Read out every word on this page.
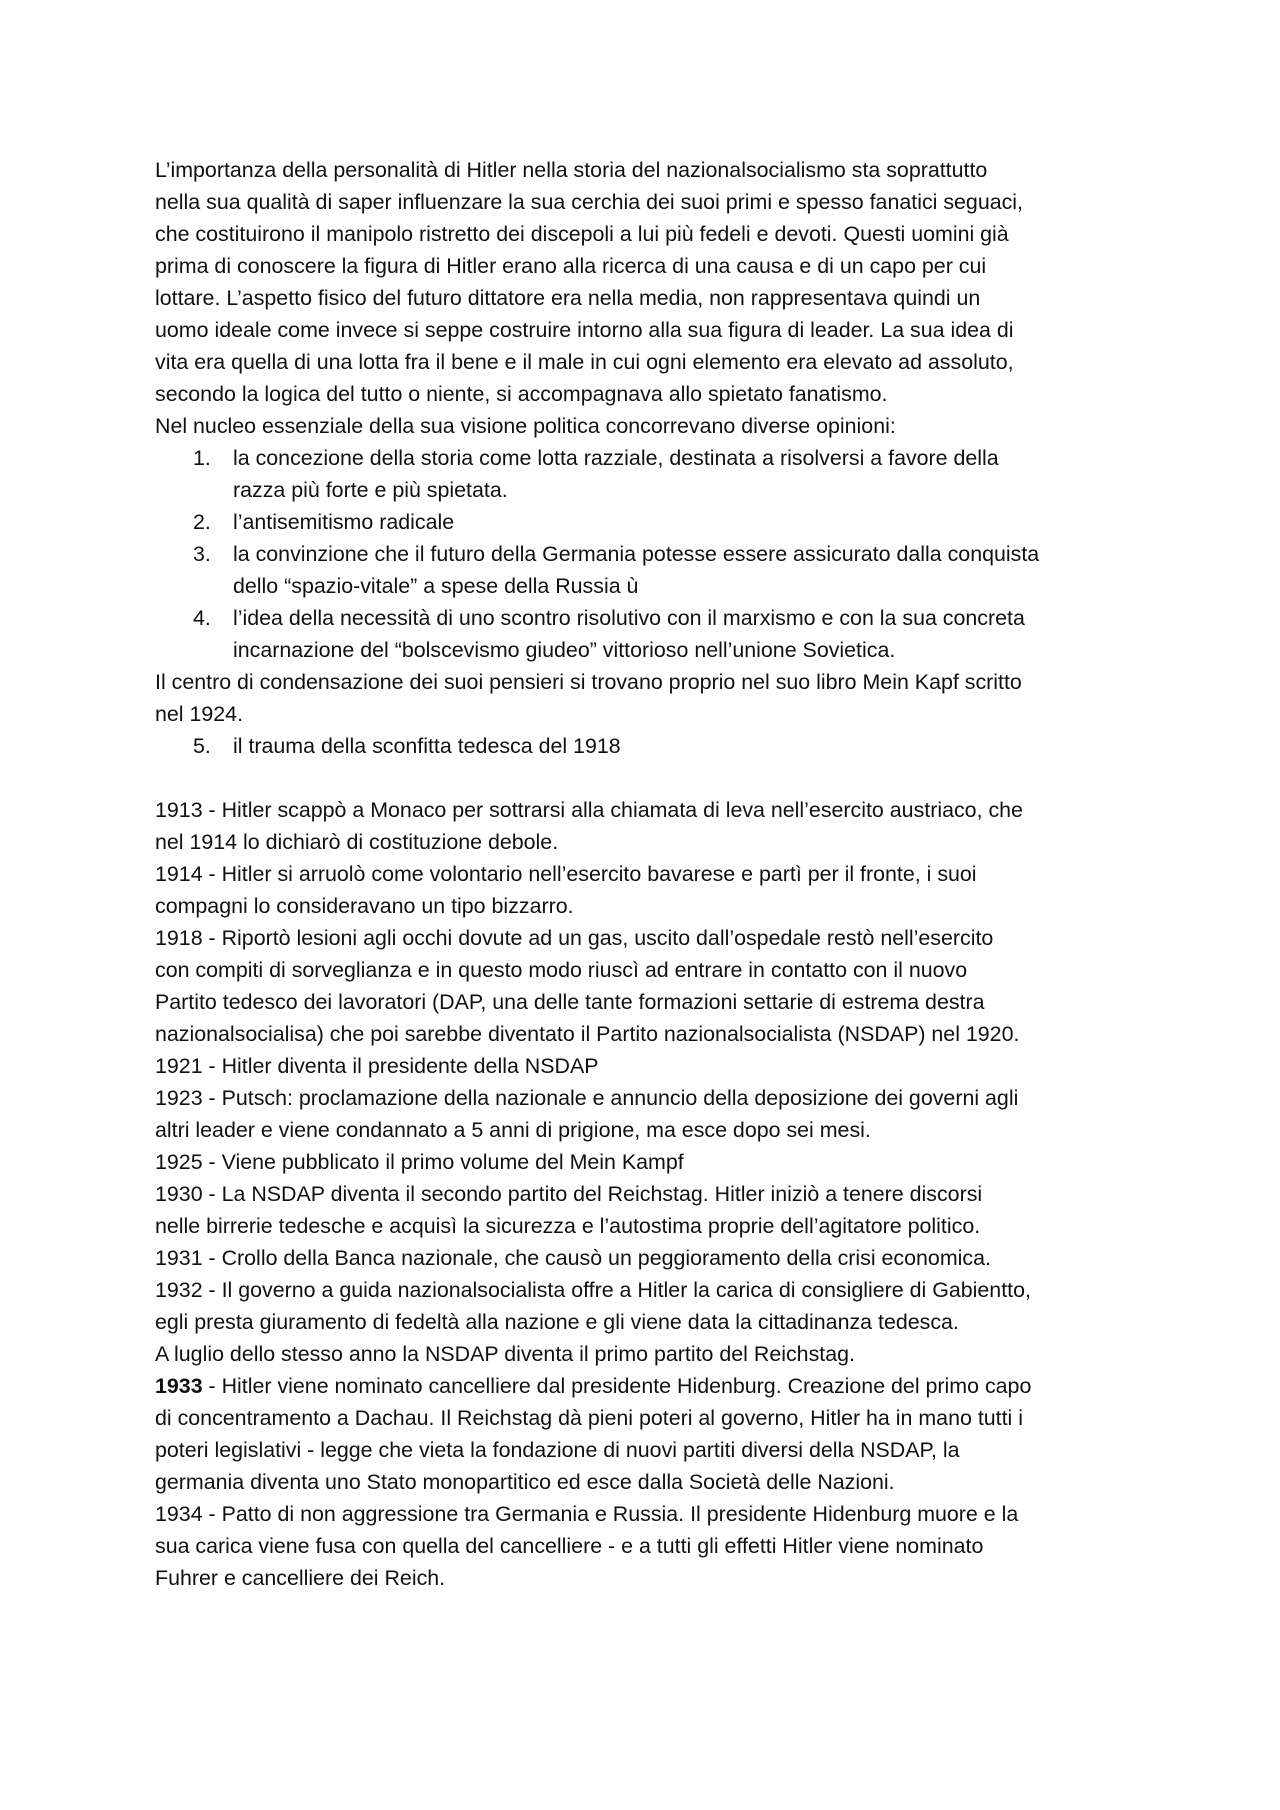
L’importanza della personalità di Hitler nella storia del nazionalsocialismo sta soprattutto

nella sua qualità di saper influenzare la sua cerchia dei suoi primi e spesso fanatici seguaci,

che costituirono il manipolo ristretto dei discepoli a lui più fedeli e devoti. Questi uomini già

prima di conoscere la figura di Hitler erano alla ricerca di una causa e di un capo per cui

lottare. L’aspetto fisico del futuro dittatore era nella media, non rappresentava quindi un

uomo ideale come invece si seppe costruire intorno alla sua figura di leader. La sua idea di

vita era quella di una lotta fra il bene e il male in cui ogni elemento era elevato ad assoluto,

secondo la logica del tutto o niente, si accompagnava allo spietato fanatismo.

Nel nucleo essenziale della sua visione politica concorrevano diverse opinioni:

1. la concezione della storia come lotta razziale, destinata a risolversi a favore della

razza più forte e più spietata.

2. l’antisemitismo radicale

3. la convinzione che il futuro della Germania potesse essere assicurato dalla conquista

dello “spazio-vitale” a spese della Russia ù

4. l’idea della necessità di uno scontro risolutivo con il marxismo e con la sua concreta

incarnazione del “bolscevismo giudeo” vittorioso nell’unione Sovietica.

Il centro di condensazione dei suoi pensieri si trovano proprio nel suo libro Mein Kapf scritto

nel 1924.

5. il trauma della sconfitta tedesca del 1918

1913 - Hitler scappò a Monaco per sottrarsi alla chiamata di leva nell’esercito austriaco, che

nel 1914 lo dichiarò di costituzione debole.

1914 - Hitler si arruolò come volontario nell’esercito bavarese e partì per il fronte, i suoi

compagni lo consideravano un tipo bizzarro.

1918 - Riportò lesioni agli occhi dovute ad un gas, uscito dall’ospedale restò nell’esercito

con compiti di sorveglianza e in questo modo riuscì ad entrare in contatto con il nuovo

Partito tedesco dei lavoratori (DAP, una delle tante formazioni settarie di estrema destra

nazionalsocialisa) che poi sarebbe diventato il Partito nazionalsocialista (NSDAP) nel 1920.

1921 - Hitler diventa il presidente della NSDAP

1923 - Putsch: proclamazione della nazionale e annuncio della deposizione dei governi agli

altri leader e viene condannato a 5 anni di prigione, ma esce dopo sei mesi.

1925 - Viene pubblicato il primo volume del Mein Kampf

1930 - La NSDAP diventa il secondo partito del Reichstag. Hitler iniziò a tenere discorsi

nelle birrerie tedesche e acquisì la sicurezza e l’autostima proprie dell’agitatore politico.

1931 - Crollo della Banca nazionale, che causò un peggioramento della crisi economica.

1932 - Il governo a guida nazionalsocialista offre a Hitler la carica di consigliere di Gabientto,

egli presta giuramento di fedeltà alla nazione e gli viene data la cittadinanza tedesca.

A luglio dello stesso anno la NSDAP diventa il primo partito del Reichstag.

1933 - Hitler viene nominato cancelliere dal presidente Hidenburg. Creazione del primo capo

di concentramento a Dachau. Il Reichstag dà pieni poteri al governo, Hitler ha in mano tutti i

poteri legislativi - legge che vieta la fondazione di nuovi partiti diversi della NSDAP, la

germania diventa uno Stato monopartitico ed esce dalla Società delle Nazioni.

1934 - Patto di non aggressione tra Germania e Russia. Il presidente Hidenburg muore e la

sua carica viene fusa con quella del cancelliere - e a tutti gli effetti Hitler viene nominato

Fuhrer e cancelliere dei Reich.
